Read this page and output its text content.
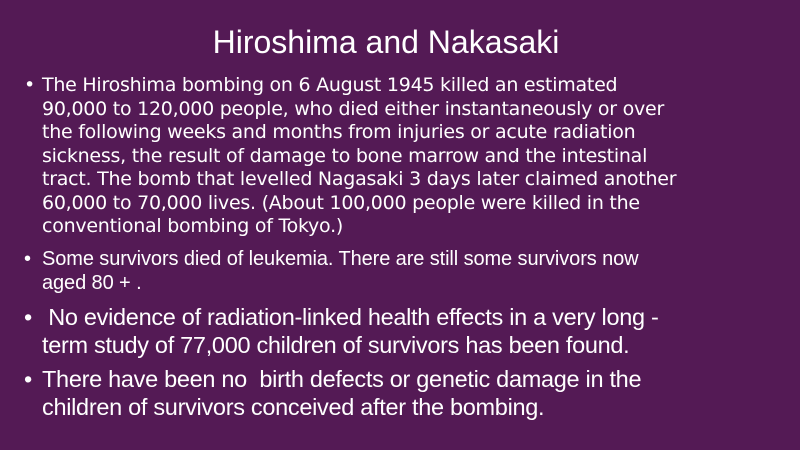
Hiroshima and Nakasaki
• The Hiroshima bombing on 6 August 1945 killed an estimated
90,000 to 120,000 people, who died either instantaneously or over
the following weeks and months from injuries or acute radiation
sickness, the result of damage to bone marrow and the intestinal
tract. The bomb that levelled Nagasaki 3 days later claimed another
60,000 to 70,000 lives. (About 100,000 people were killed in the
conventional bombing of Tokyo.)
• Some survivors died of leukemia. There are still some survivors now
aged 80 + .
• No evidence of radiation-linked health effects in a very long -
term study of 77,000 children of survivors has been found.
• There have been no  birth defects or genetic damage in the
children of survivors conceived after the bombing.
